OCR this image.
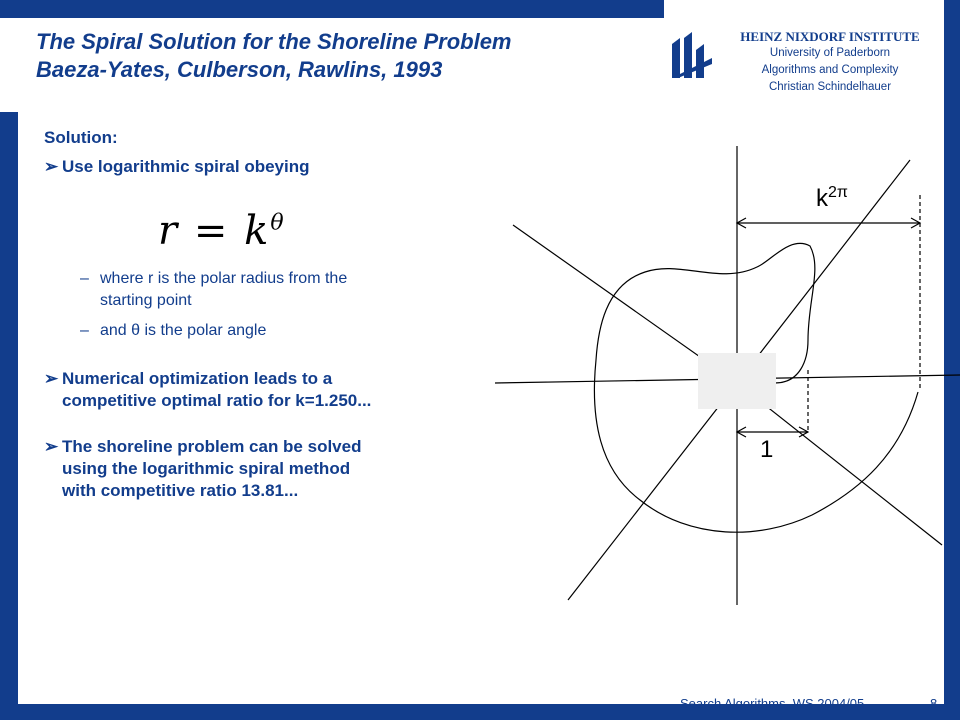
The Spiral Solution for the Shoreline Problem
Baeza-Yates, Culberson, Rawlins, 1993
HEINZ NIXDORF INSTITUTE
University of Paderborn
Algorithms and Complexity
Christian Schindelhauer

Solution:

➢ Use logarithmic spiral obeying

$r = k^\theta$

– where r is the polar radius from the
starting point

– and θ is the polar angle

➢ Numerical optimization leads to a
competitive optimal ratio for k=1.250...

➢ The shoreline problem can be solved
using the logarithmic spiral method
with competitive ratio 13.81...

$k^{2\pi}$
1
Search Algorithms, WS 2004/05	8
